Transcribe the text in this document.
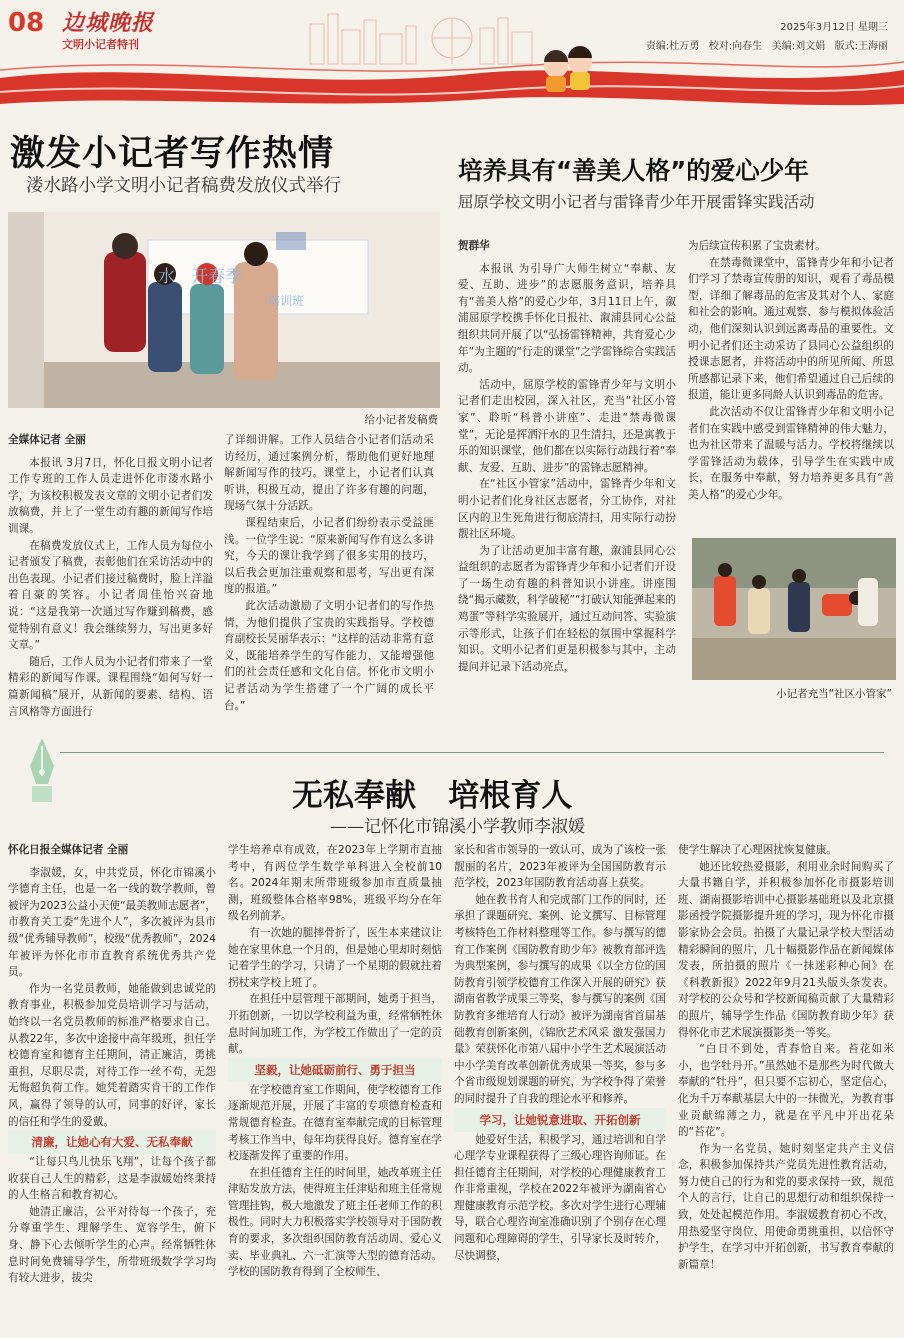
08 边城晚报
文明小记者特刊
2025年3月12日 星期三
责编:杜万勇   校对:向春生   美编:刘文娟   版式:王海丽
激发小记者写作热情
溇水路小学文明小记者稿费发放仪式举行
水   开春季
培训班
给小记者发稿费

全媒体记者 全丽

本报讯 3月7日，怀化日报文明小记者工作专班的工作人员走进怀化市溇水路小学，为该校积极发表文章的文明小记者们发放稿费，并上了一堂生动有趣的新闻写作培训课。

在稿费发放仪式上，工作人员为每位小记者颁发了稿费，表彰他们在采访活动中的出色表现。小记者们接过稿费时，脸上洋溢着自豪的笑容。小记者周佳怡兴奋地说：“这是我第一次通过写作赚到稿费，感觉特别有意义！我会继续努力，写出更多好文章。”

随后，工作人员为小记者们带来了一堂精彩的新闻写作课。课程围绕“如何写好一篇新闻稿”展开，从新闻的要素、结构、语言风格等方面进行

了详细讲解。工作人员结合小记者们活动采访经历，通过案例分析，帮助他们更好地理解新闻写作的技巧。课堂上，小记者们认真听讲，积极互动，提出了许多有趣的问题，现场气氛十分活跃。

课程结束后，小记者们纷纷表示受益匪浅。一位学生说：“原来新闻写作有这么多讲究，今天的课让我学到了很多实用的技巧，以后我会更加注重观察和思考，写出更有深度的报道。”

此次活动激励了文明小记者们的写作热情，为他们提供了宝贵的实践指导。学校德育副校长吴丽华表示：“这样的活动非常有意义，既能培养学生的写作能力，又能增强他们的社会责任感和文化自信。怀化市文明小记者活动为学生搭建了一个广阔的成长平台。”

培养具有“善美人格”的爱心少年
屈原学校文明小记者与雷锋青少年开展雷锋实践活动

贺群华

本报讯 为引导广大师生树立“奉献、友爱、互助、进步”的志愿服务意识，培养具有“善美人格”的爱心少年，3月11日上午，溆浦屈原学校携手怀化日报社、溆浦县同心公益组织共同开展了以“弘扬雷锋精神，共育爱心少年”为主题的“行走的课堂”之学雷锋综合实践活动。

活动中，屈原学校的雷锋青少年与文明小记者们走出校园，深入社区，充当“社区小管家”、聆听“科普小讲座”、走进“禁毒微课堂”，无论是挥洒汗水的卫生清扫，还是寓教于乐的知识课堂，他们都在以实际行动践行着“奉献、友爱、互助、进步”的雷锋志愿精神。

在“社区小管家”活动中，雷锋青少年和文明小记者们化身社区志愿者，分工协作，对社区内的卫生死角进行彻底清扫，用实际行动扮靓社区环境。

为了让活动更加丰富有趣，溆浦县同心公益组织的志愿者为雷锋青少年和小记者们开设了一场生动有趣的科普知识小讲座。讲座围绕“揭示藏数，科学破秘”“打破认知能弹起来的鸡蛋”等科学实验展开，通过互动问答、实验演示等形式，让孩子们在轻松的氛围中掌握科学知识。文明小记者们更是积极参与其中，主动提问并记录下活动亮点，

为后续宣传积累了宝贵素材。

在禁毒微课堂中，雷锋青少年和小记者们学习了禁毒宣传册的知识，观看了毒品模型，详细了解毒品的危害及其对个人、家庭和社会的影响。通过观察、参与模拟体验活动，他们深刻认识到远离毒品的重要性。文明小记者们还主动采访了县同心公益组织的授课志愿者，并将活动中的所见所闻、所思所感都记录下来，他们希望通过自己后续的报道，能让更多同龄人认识到毒品的危害。

此次活动不仅让雷锋青少年和文明小记者们在实践中感受到雷锋精神的伟大魅力，也为社区带来了温暖与活力。学校将继续以学雷锋活动为载体，引导学生在实践中成长，在服务中奉献，努力培养更多具有“善美人格”的爱心少年。

小记者充当“社区小管家”
无私奉献   培根育人
——记怀化市锦溪小学教师李淑媛

怀化日报全媒体记者 全丽

李淑媛，女，中共党员，怀化市锦溪小学德育主任，也是一名一线的数学教师，曾被评为2023公益小天使“最美教师志愿者”，市教育关工委“先进个人”，多次被评为县市级“优秀辅导教师”，校级“优秀教师”，2024年被评为怀化市市直教育系统优秀共产党员。

作为一名党员教师，她能做到忠诚党的教育事业，积极参加党员培训学习与活动，始终以一名党员教师的标准严格要求自己。从教22年，多次中途接中高年级班，担任学校德育室和德育主任期间，清正廉洁，勇挑重担，尽职尽责，对待工作一丝不苟，无怨无悔超负荷工作。她凭着踏实肯干的工作作风，赢得了领导的认可，同事的好评，家长的信任和学生的爱戴。

清廉，让她心有大爱、无私奉献

“让每只鸟儿快乐飞翔”，让每个孩子都收获自己人生的精彩，这是李淑媛始终秉持的人生格言和教育初心。

她清正廉洁，公平对待每一个孩子，充分尊重学生、理解学生、宽容学生，俯下身、静下心去倾听学生的心声。经常牺牲休息时间免费辅导学生，所带班级数学学习均有较大进步，拔尖

学生培养卓有成效，在2023年上学期市直抽考中，有两位学生数学单科进入全校前10名。2024年期末所带班级参加市直质量抽测，班级整体合格率98%，班级平均分在年级名列前茅。

有一次她的腿摔骨折了，医生本来建议让她在家里休息一个月的，但是她心里却时刻惦记着学生的学习，只请了一个星期的假就拄着拐杖来学校上班了。

在担任中层管理干部期间，她勇于担当，开拓创新，一切以学校利益为重，经常牺牲休息时间加班工作，为学校工作做出了一定的贡献。

坚毅，让她砥砺前行、勇于担当

在学校德育室工作期间，使学校德育工作逐渐规范开展，开展了丰富的专项德育检查和常规德育检查。在德育室奉献完成的目标管理考核工作当中，每年均获得良好。德育室在学校逐渐发挥了重要的作用。

在担任德育主任的时间里，她改革班主任津贴发放方法，使得班主任津贴和班主任常规管理挂钩，极大地激发了班主任老师工作的积极性。同时大力积极落实学校领导对于国防教育的要求，多次组织国防教育活动周、爱心义卖、毕业典礼、六一汇演等大型的德育活动。学校的国防教育得到了全校师生、

家长和省市领导的一致认可，成为了该校一张靓丽的名片，2023年被评为全国国防教育示范学校，2023年国防教育活动喜上获奖。

她在教书育人和完成部门工作的同时，还承担了课题研究、案例、论文撰写、目标管理考核特色工作材料整理等工作。参与撰写的德育工作案例《国防教育助少年》被教育部评选为典型案例，参与撰写的成果《以全方位的国防教育引领学校德育工作深入开展的研究》获湖南省教学成果三等奖，参与撰写的案例《国防教育多维培育人行动》被评为湖南省首届基础教育创新案例，《锦欣艺术风采 激发强国力量》荣获怀化市第八届中小学生艺术展演活动中小学美育改革创新优秀成果一等奖，参与多个省市级规划课题的研究，为学校争得了荣誉的同时提升了自我的理论水平和修养。

学习，让她锐意进取、开拓创新

她爱好生活，积极学习，通过培训和自学心理学专业课程获得了三级心理咨询师证。在担任德育主任期间，对学校的心理健康教育工作非常重视，学校在2022年被评为湖南省心理健康教育示范学校。多次对学生进行心理辅导，联合心理咨询室准确识别了个别存在心理问题和心理障碍的学生，引导家长及时转介，尽快调整，

使学生解决了心理困扰恢复健康。

她还比较热爱摄影，利用业余时间购买了大量书籍自学，并积极参加怀化市摄影培训班、湖南摄影培训中心摄影基础班以及北京摄影函授学院摄影提升班的学习，现为怀化市摄影家协会会员。拍摄了大量记录学校大型活动精彩瞬间的照片，几十幅摄影作品在新闻媒体发表，所拍摄的照片《一抹迷彩种心间》在《科教新报》2022年9月21头版头条发表。对学校的公众号和学校新闻稿贡献了大量精彩的照片，辅导学生作品《国防教育助少年》获得怀化市艺术展演摄影类一等奖。

“白日不到处，青春恰自来。苔花如米小，也学牡丹开。”虽然她不是那些为时代做大奉献的“牡丹”，但只要不忘初心，坚定信心，化为千万奉献基层大中的一抹微光，为教育事业贡献绵薄之力，就是在平凡中开出花朵的“苔花”。

作为一名党员，她时刻坚定共产主义信念，积极参加保持共产党员先进性教育活动，努力使自己的行为和党的要求保持一致，规范个人的言行，让自己的思想行动和组织保持一致，处处起模范作用。李淑媛教育初心不改，用热爱坚守岗位、用使命勇挑重担，以信怀守护学生，在学习中开拓创新，书写教育奉献的新篇章！
